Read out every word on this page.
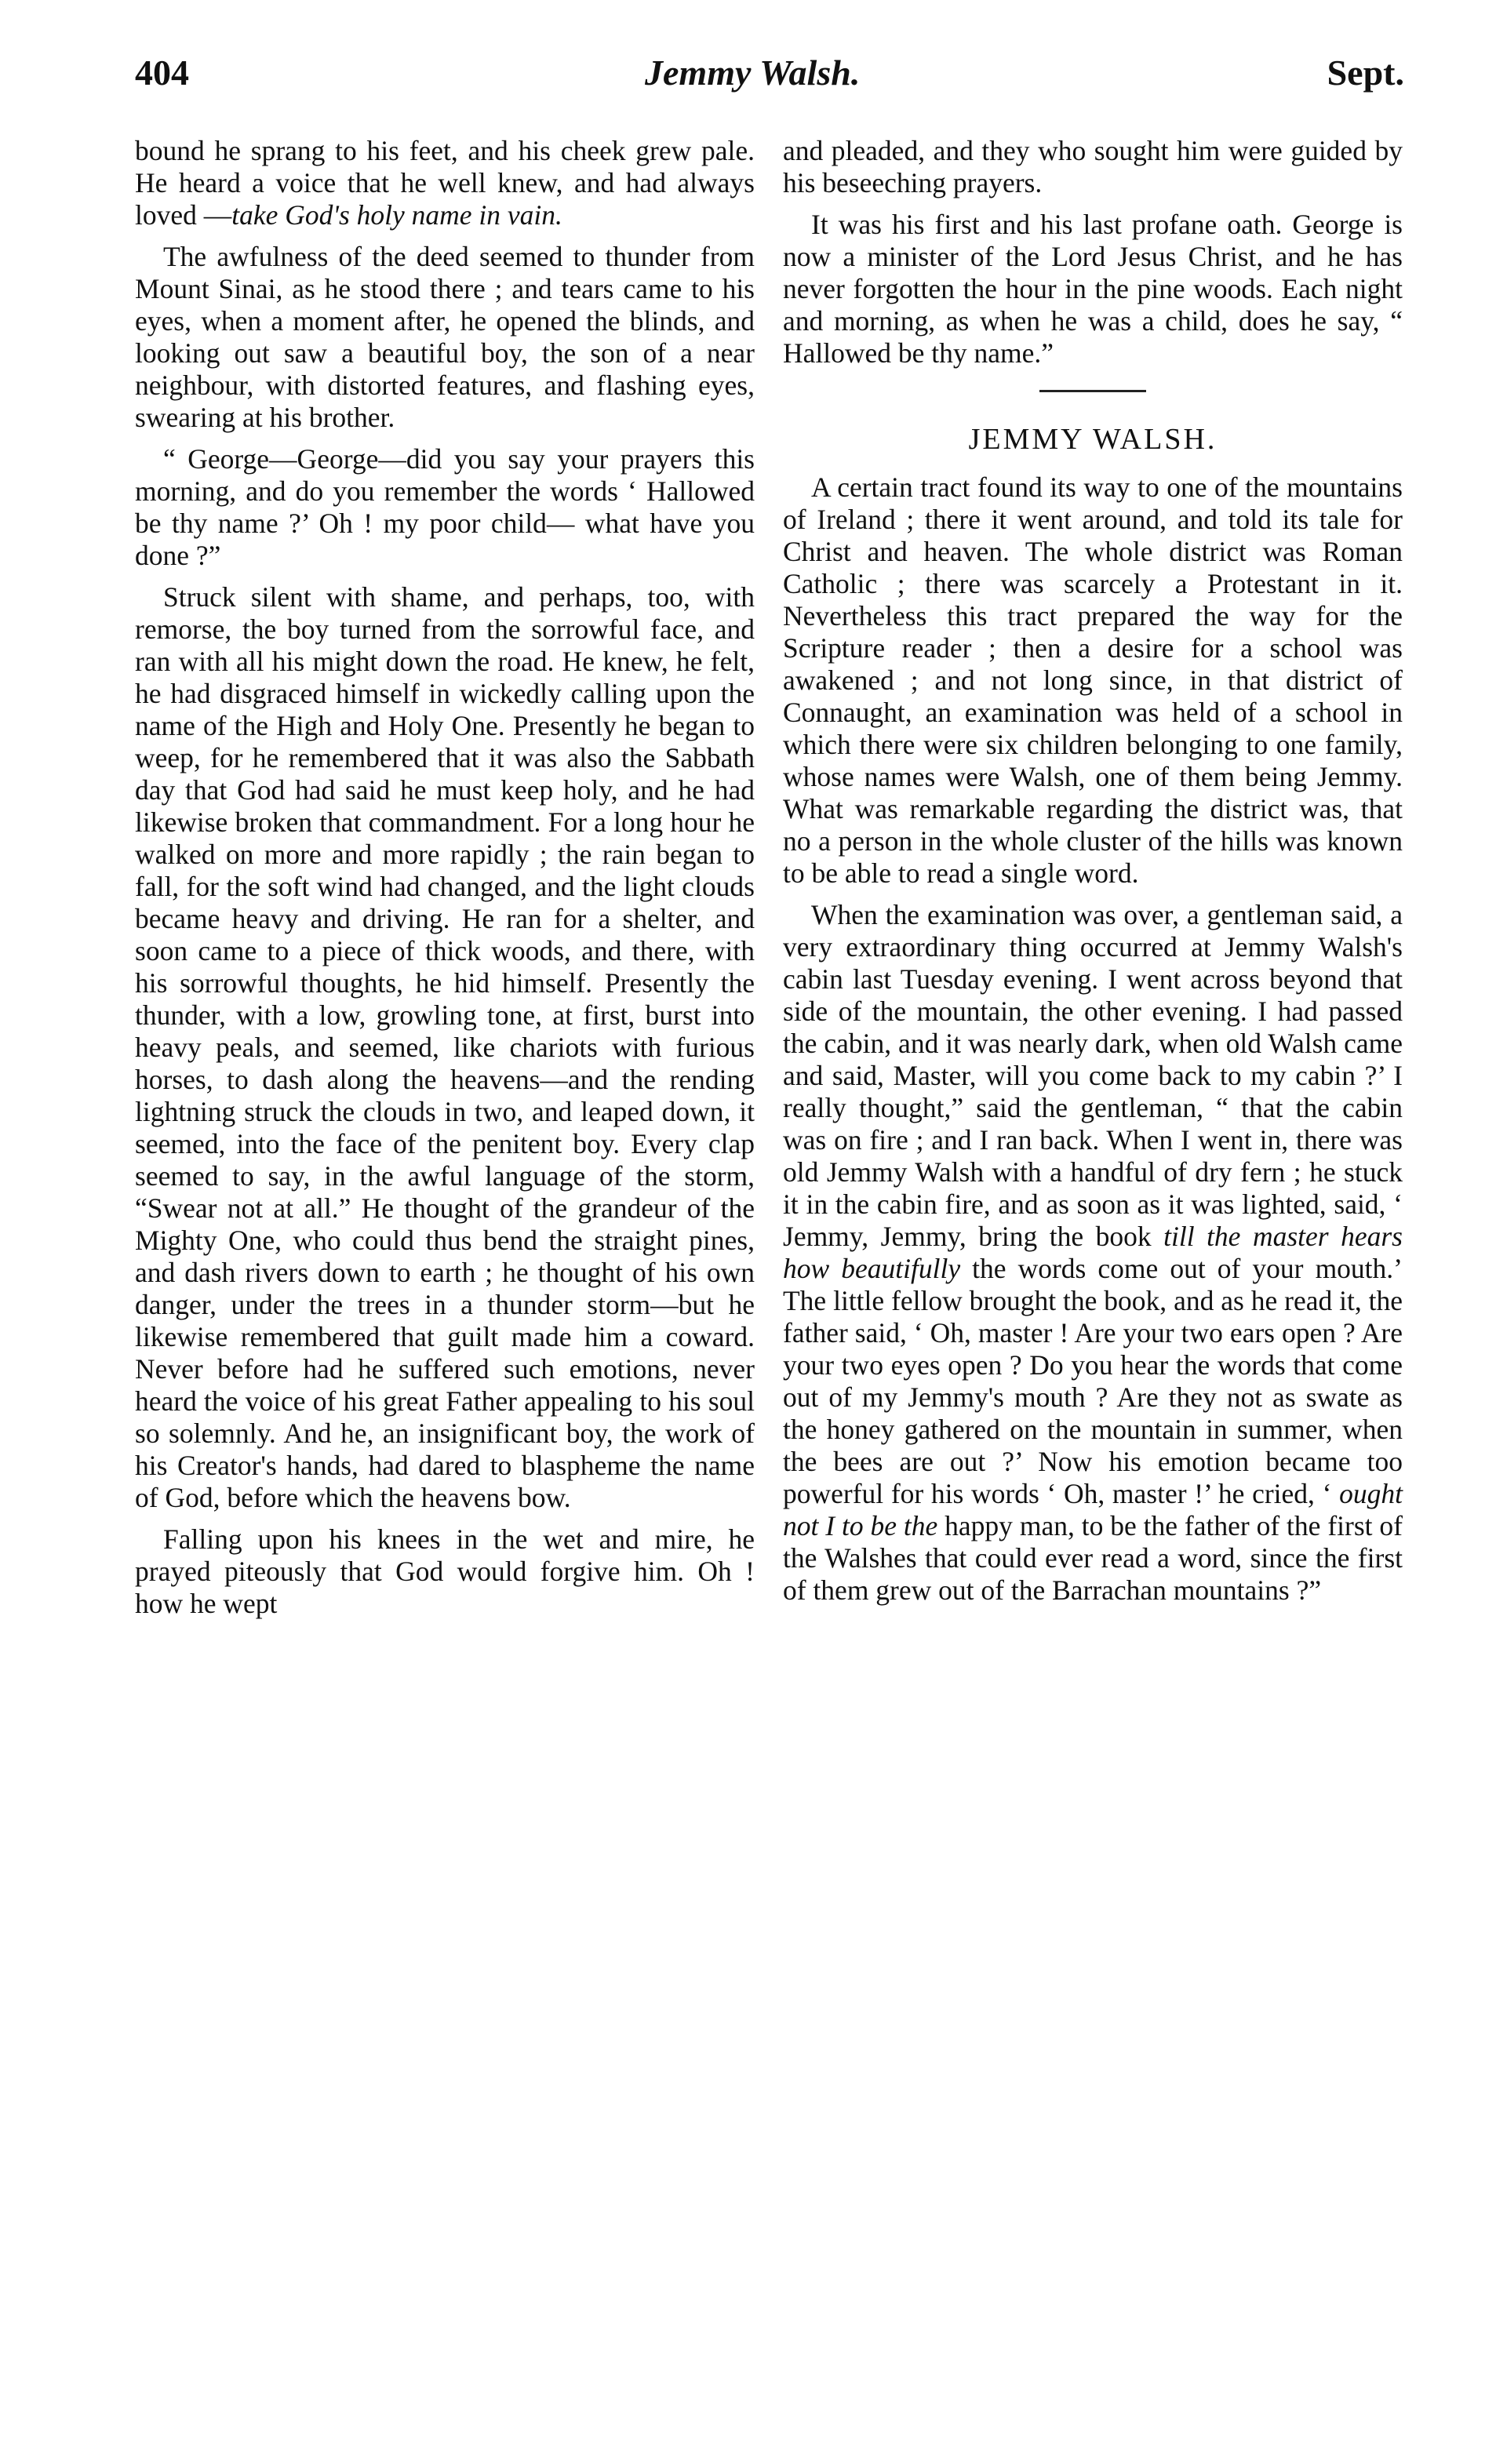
404	Jemmy Walsh.	Sept.

bound he sprang to his feet, and his cheek grew pale. He heard a voice that he well knew, and had always loved —take God's holy name in vain.

The awfulness of the deed seemed to thunder from Mount Sinai, as he stood there ; and tears came to his eyes, when a moment after, he opened the blinds, and looking out saw a beautiful boy, the son of a near neighbour, with distorted features, and flashing eyes, swearing at his brother.

“ George—George—did you say your prayers this morning, and do you remember the words ‘ Hallowed be thy name ?’ Oh ! my poor child— what have you done ?”

Struck silent with shame, and perhaps, too, with remorse, the boy turned from the sorrowful face, and ran with all his might down the road. He knew, he felt, he had disgraced himself in wickedly calling upon the name of the High and Holy One. Presently he began to weep, for he remembered that it was also the Sabbath day that God had said he must keep holy, and he had likewise broken that commandment. For a long hour he walked on more and more rapidly ; the rain began to fall, for the soft wind had changed, and the light clouds became heavy and driving. He ran for a shelter, and soon came to a piece of thick woods, and there, with his sorrowful thoughts, he hid himself. Presently the thunder, with a low, growling tone, at first, burst into heavy peals, and seemed, like chariots with furious horses, to dash along the heavens—and the rending lightning struck the clouds in two, and leaped down, it seemed, into the face of the penitent boy. Every clap seemed to say, in the awful language of the storm, “Swear not at all.” He thought of the grandeur of the Mighty One, who could thus bend the straight pines, and dash rivers down to earth ; he thought of his own danger, under the trees in a thunder storm—but he likewise remembered that guilt made him a coward. Never before had he suffered such emotions, never heard the voice of his great Father appealing to his soul so solemnly. And he, an insignificant boy, the work of his Creator's hands, had dared to blaspheme the name of God, before which the heavens bow.

Falling upon his knees in the wet and mire, he prayed piteously that God would forgive him. Oh ! how he wept

and pleaded, and they who sought him were guided by his beseeching prayers.

It was his first and his last profane oath. George is now a minister of the Lord Jesus Christ, and he has never forgotten the hour in the pine woods. Each night and morning, as when he was a child, does he say, “ Hallowed be thy name.”

JEMMY WALSH.

A certain tract found its way to one of the mountains of Ireland ; there it went around, and told its tale for Christ and heaven. The whole district was Roman Catholic ; there was scarcely a Protestant in it. Nevertheless this tract prepared the way for the Scripture reader ; then a desire for a school was awakened ; and not long since, in that district of Connaught, an examination was held of a school in which there were six children belonging to one family, whose names were Walsh, one of them being Jemmy. What was remarkable regarding the district was, that no a person in the whole cluster of the hills was known to be able to read a single word.

When the examination was over, a gentleman said, a very extraordinary thing occurred at Jemmy Walsh's cabin last Tuesday evening. I went across beyond that side of the mountain, the other evening. I had passed the cabin, and it was nearly dark, when old Walsh came and said, Master, will you come back to my cabin ?’ I really thought,” said the gentleman, “ that the cabin was on fire ; and I ran back. When I went in, there was old Jemmy Walsh with a handful of dry fern ; he stuck it in the cabin fire, and as soon as it was lighted, said, ‘ Jemmy, Jemmy, bring the book till the master hears how beautifully the words come out of your mouth.’ The little fellow brought the book, and as he read it, the father said, ‘ Oh, master ! Are your two ears open ? Are your two eyes open ? Do you hear the words that come out of my Jemmy's mouth ? Are they not as swate as the honey gathered on the mountain in summer, when the bees are out ?’ Now his emotion became too powerful for his words ‘ Oh, master !’ he cried, ‘ ought not I to be the happy man, to be the father of the first of the Walshes that could ever read a word, since the first of them grew out of the Barrachan mountains ?”
